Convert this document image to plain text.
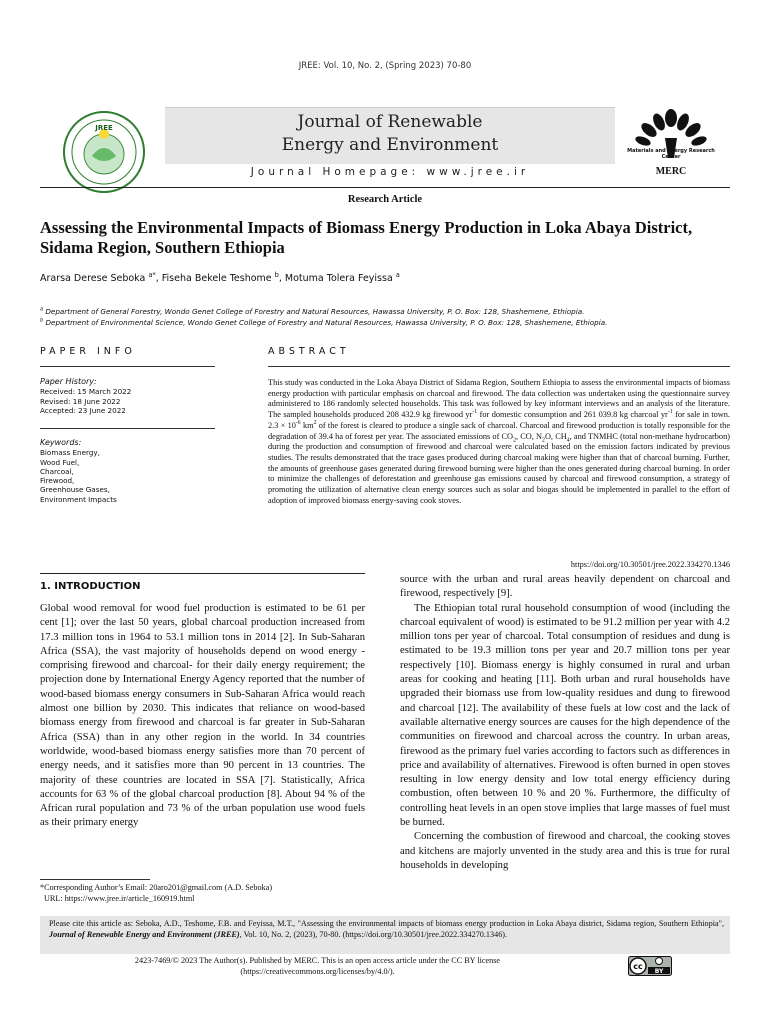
JREE: Vol. 10, No. 2, (Spring 2023) 70-80
JREE	Journal of Renewable
Energy and Environment
Journal Homepage: www.jree.ir
Materials and Energy Research Center
MERC
Research Article
Assessing the Environmental Impacts of Biomass Energy Production in Loka Abaya District, Sidama Region, Southern Ethiopia
Ararsa Derese Seboka $^{a*}$, Fiseha Bekele Teshome $^b$, Motuma Tolera Feyissa $^a$
$^a$ Department of General Forestry, Wondo Genet College of Forestry and Natural Resources, Hawassa University, P. O. Box: 128, Shashemene, Ethiopia.
$^b$ Department of Environmental Science, Wondo Genet College of Forestry and Natural Resources, Hawassa University, P. O. Box: 128, Shashemene, Ethiopia.
PAPER INFO	ABSTRACT
Paper History:
Received: 15 March 2022
Revised: 18 June 2022
Accepted: 23 June 2022
Keywords:
Biomass Energy,
Wood Fuel,
Charcoal,
Firewood,
Greenhouse Gases,
Environment Impacts
This study was conducted in the Loka Abaya District of Sidama Region, Southern Ethiopia to assess the environmental impacts of biomass energy production with particular emphasis on charcoal and firewood. The data collection was undertaken using the questionnaire survey administered to 186 randomly selected households. This task was followed by key informant interviews and an analysis of the literature. The sampled households produced 208 432.9 kg firewood $yr^{-1}$ for domestic consumption and 261 039.8 kg charcoal $yr^{-1}$ for sale in town. $2.3 \times 10^{-6}$ $km^2$ of the forest is cleared to produce a single sack of charcoal. Charcoal and firewood production is totally responsible for the degradation of 39.4 ha of forest per year. The associated emissions of $CO_2$, CO, $N_2O$, $CH_4$, and TNMHC (total non-methane hydrocarbon) during the production and consumption of firewood and charcoal were calculated based on the emission factors indicated by previous studies. The results demonstrated that the trace gases produced during charcoal making were higher than that of charcoal burning. Further, the amounts of greenhouse gases generated during firewood burning were higher than the ones generated during charcoal burning. In order to minimize the challenges of deforestation and greenhouse gas emissions caused by charcoal and firewood consumption, a strategy of promoting the utilization of alternative clean energy sources such as solar and biogas should be implemented in parallel to the effort of adoption of improved biomass energy-saving cook stoves.
https://doi.org/10.30501/jree.2022.334270.1346
1. INTRODUCTION
Global wood removal for wood fuel production is estimated to be 61 per cent [1]; over the last 50 years, global charcoal production increased from 17.3 million tons in 1964 to 53.1 million tons in 2014 [2]. In Sub-Saharan Africa (SSA), the vast majority of households depend on wood energy -comprising firewood and charcoal- for their daily energy requirement; the projection done by International Energy Agency reported that the number of wood-based biomass energy consumers in Sub-Saharan Africa would reach almost one billion by 2030. This indicates that reliance on wood-based biomass energy from firewood and charcoal is far greater in Sub-Saharan Africa (SSA) than in any other region in the world. In 34 countries worldwide, wood-based biomass energy satisfies more than 70 percent of energy needs, and it satisfies more than 90 percent in 13 countries. The majority of these countries are located in SSA [7]. Statistically, Africa accounts for 63 % of the global charcoal production [8]. About 94 % of the African rural population and 73 % of the urban population use wood fuels as their primary energy
source with the urban and rural areas heavily dependent on charcoal and firewood, respectively [9].
The Ethiopian total rural household consumption of wood (including the charcoal equivalent of wood) is estimated to be 91.2 million per year with 4.2 million tons per year of charcoal. Total consumption of residues and dung is estimated to be 19.3 million tons per year and 20.7 million tons per year respectively [10]. Biomass energy is highly consumed in rural and urban areas for cooking and heating [11]. Both urban and rural households have upgraded their biomass use from low-quality residues and dung to firewood and charcoal [12]. The availability of these fuels at low cost and the lack of available alternative energy sources are causes for the high dependence of the communities on firewood and charcoal across the country. In urban areas, firewood as the primary fuel varies according to factors such as differences in price and availability of alternatives. Firewood is often burned in open stoves resulting in low energy density and low total energy efficiency during combustion, often between 10 % and 20 %. Furthermore, the difficulty of controlling heat levels in an open stove implies that large masses of fuel must be burned.
Concerning the combustion of firewood and charcoal, the cooking stoves and kitchens are majorly unvented in the study area and this is true for rural households in developing
*Corresponding Author’s Email: 20aro201@gmail.com (A.D. Seboka)
URL: https://www.jree.ir/article_160919.html
Please cite this article as: Seboka, A.D., Teshome, F.B. and Feyissa, M.T., "Assessing the environmental impacts of biomass energy production in Loka Abaya district, Sidama region, Southern Ethiopia", Journal of Renewable Energy and Environment (JREE), Vol. 10, No. 2, (2023), 70-80. (https://doi.org/10.30501/jree.2022.334270.1346).
2423-7469/© 2023 The Author(s). Published by MERC. This is an open access article under the CC BY license
(https://creativecommons.org/licenses/by/4.0/).
cc
BY
